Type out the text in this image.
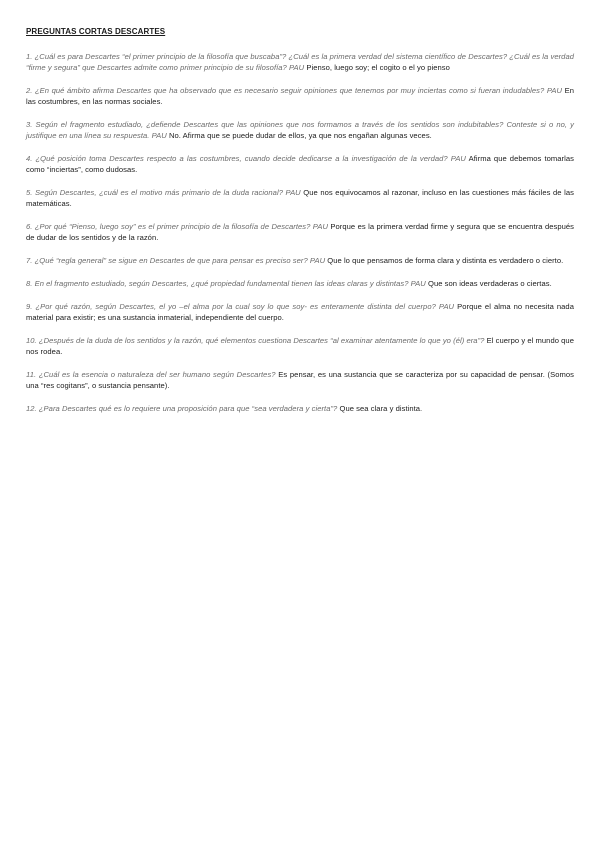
PREGUNTAS CORTAS DESCARTES
1. ¿Cuál es para Descartes “el primer principio de la filosofía que buscaba”? ¿Cuál es la primera verdad del sistema científico de Descartes? ¿Cuál es la verdad “firme y segura” que Descartes admite como primer principio de su filosofía? PAU Pienso, luego soy; el cogito o el yo pienso
2. ¿En qué ámbito afirma Descartes que ha observado que es necesario seguir opiniones que tenemos por muy inciertas como si fueran indudables? PAU En las costumbres, en las normas sociales.
3. Según el fragmento estudiado, ¿defiende Descartes que las opiniones que nos formamos a través de los sentidos son indubitables? Conteste si o no, y justifique en una línea su respuesta. PAU No. Afirma que se puede dudar de ellos, ya que nos engañan algunas veces.
4. ¿Qué posición toma Descartes respecto a las costumbres, cuando decide dedicarse a la investigación de la verdad? PAU Afirma que debemos tomarlas como “inciertas”, como dudosas.
5. Según Descartes, ¿cuál es el motivo más primario de la duda racional? PAU Que nos equivocamos al razonar, incluso en las cuestiones más fáciles de las matemáticas.
6. ¿Por qué “Pienso, luego soy” es el primer principio de la filosofía de Descartes? PAU Porque es la primera verdad firme y segura que se encuentra después de dudar de los sentidos y de la razón.
7. ¿Qué “regla general” se sigue en Descartes de que para pensar es preciso ser? PAU Que lo que pensamos de forma clara y distinta es verdadero o cierto.
8. En el fragmento estudiado, según Descartes, ¿qué propiedad fundamental tienen las ideas claras y distintas? PAU Que son ideas verdaderas o ciertas.
9. ¿Por qué razón, según Descartes, el yo –el alma por la cual soy lo que soy- es enteramente distinta del cuerpo? PAU Porque el alma no necesita nada material para existir; es una sustancia inmaterial, independiente del cuerpo.
10. ¿Después de la duda de los sentidos y la razón, qué elementos cuestiona Descartes “al examinar atentamente lo que yo (él) era”? El cuerpo y el mundo que nos rodea.
11. ¿Cuál es la esencia o naturaleza del ser humano según Descartes? Es pensar, es una sustancia que se caracteriza por su capacidad de pensar. (Somos una “res cogitans”, o sustancia pensante).
12. ¿Para Descartes qué es lo requiere una proposición para que “sea verdadera y cierta”? Que sea clara y distinta.
